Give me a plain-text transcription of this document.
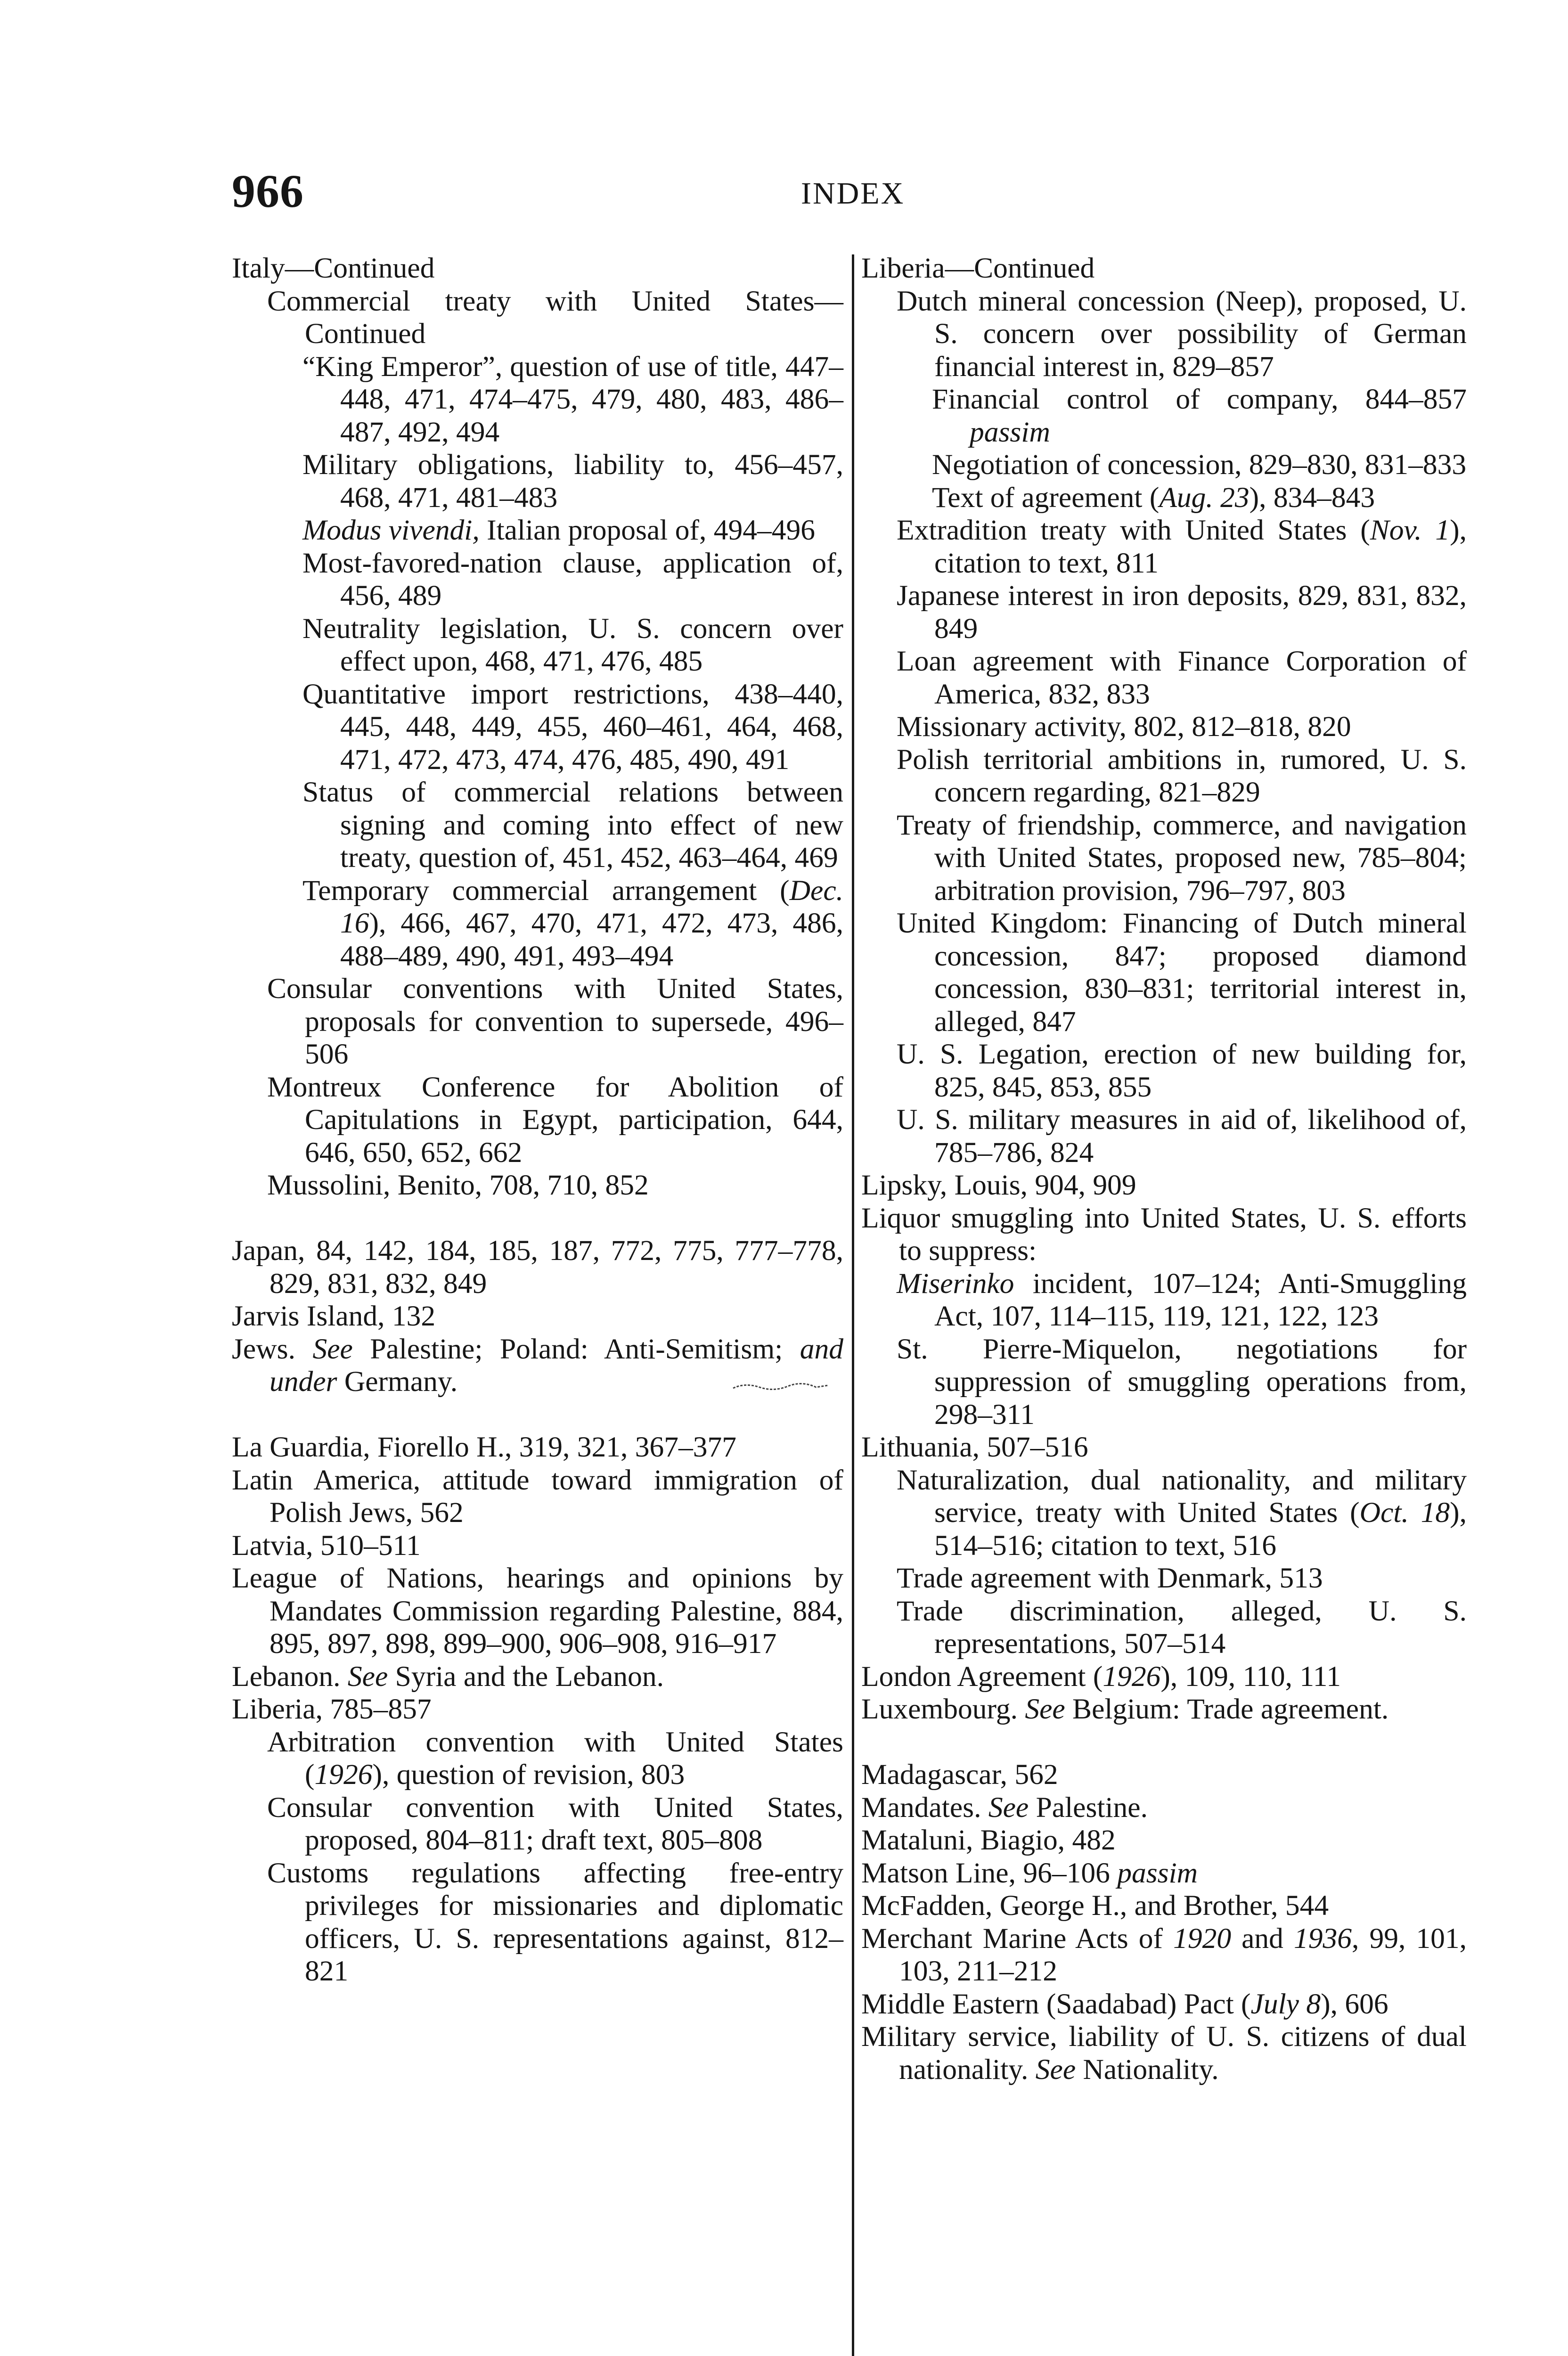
966	INDEX

Italy—Continued

Commercial treaty with United States—Continued

“King Emperor”, question of use of title, 447–448, 471, 474–475, 479, 480, 483, 486–487, 492, 494

Military obligations, liability to, 456–457, 468, 471, 481–483

Modus vivendi, Italian proposal of, 494–496

Most-favored-nation clause, application of, 456, 489

Neutrality legislation, U. S. concern over effect upon, 468, 471, 476, 485

Quantitative import restrictions, 438–440, 445, 448, 449, 455, 460–461, 464, 468, 471, 472, 473, 474, 476, 485, 490, 491

Status of commercial relations between signing and coming into effect of new treaty, question of, 451, 452, 463–464, 469

Temporary commercial arrangement (Dec. 16), 466, 467, 470, 471, 472, 473, 486, 488–489, 490, 491, 493–494

Consular conventions with United States, proposals for convention to supersede, 496–506

Montreux Conference for Abolition of Capitulations in Egypt, participation, 644, 646, 650, 652, 662

Mussolini, Benito, 708, 710, 852

Japan, 84, 142, 184, 185, 187, 772, 775, 777–778, 829, 831, 832, 849

Jarvis Island, 132

Jews. See Palestine; Poland: Anti-Semitism; and under Germany.

La Guardia, Fiorello H., 319, 321, 367–377

Latin America, attitude toward immigration of Polish Jews, 562

Latvia, 510–511

League of Nations, hearings and opinions by Mandates Commission regarding Palestine, 884, 895, 897, 898, 899–900, 906–908, 916–917

Lebanon. See Syria and the Lebanon.

Liberia, 785–857

Arbitration convention with United States (1926), question of revision, 803

Consular convention with United States, proposed, 804–811; draft text, 805–808

Customs regulations affecting free-entry privileges for missionaries and diplomatic officers, U. S. representations against, 812–821

Liberia—Continued

Dutch mineral concession (Neep), proposed, U. S. concern over possibility of German financial interest in, 829–857

Financial control of company, 844–857 passim

Negotiation of concession, 829–830, 831–833

Text of agreement (Aug. 23), 834–843

Extradition treaty with United States (Nov. 1), citation to text, 811

Japanese interest in iron deposits, 829, 831, 832, 849

Loan agreement with Finance Corporation of America, 832, 833

Missionary activity, 802, 812–818, 820

Polish territorial ambitions in, rumored, U. S. concern regarding, 821–829

Treaty of friendship, commerce, and navigation with United States, proposed new, 785–804; arbitration provision, 796–797, 803

United Kingdom: Financing of Dutch mineral concession, 847; proposed diamond concession, 830–831; territorial interest in, alleged, 847

U. S. Legation, erection of new building for, 825, 845, 853, 855

U. S. military measures in aid of, likelihood of, 785–786, 824

Lipsky, Louis, 904, 909

Liquor smuggling into United States, U. S. efforts to suppress:

Miserinko incident, 107–124; Anti-Smuggling Act, 107, 114–115, 119, 121, 122, 123

St. Pierre-Miquelon, negotiations for suppression of smuggling operations from, 298–311

Lithuania, 507–516

Naturalization, dual nationality, and military service, treaty with United States (Oct. 18), 514–516; citation to text, 516

Trade agreement with Denmark, 513

Trade discrimination, alleged, U. S. representations, 507–514

London Agreement (1926), 109, 110, 111

Luxembourg. See Belgium: Trade agreement.

Madagascar, 562

Mandates. See Palestine.

Mataluni, Biagio, 482

Matson Line, 96–106 passim

McFadden, George H., and Brother, 544

Merchant Marine Acts of 1920 and 1936, 99, 101, 103, 211–212

Middle Eastern (Saadabad) Pact (July 8), 606

Military service, liability of U. S. citizens of dual nationality. See Nationality.
